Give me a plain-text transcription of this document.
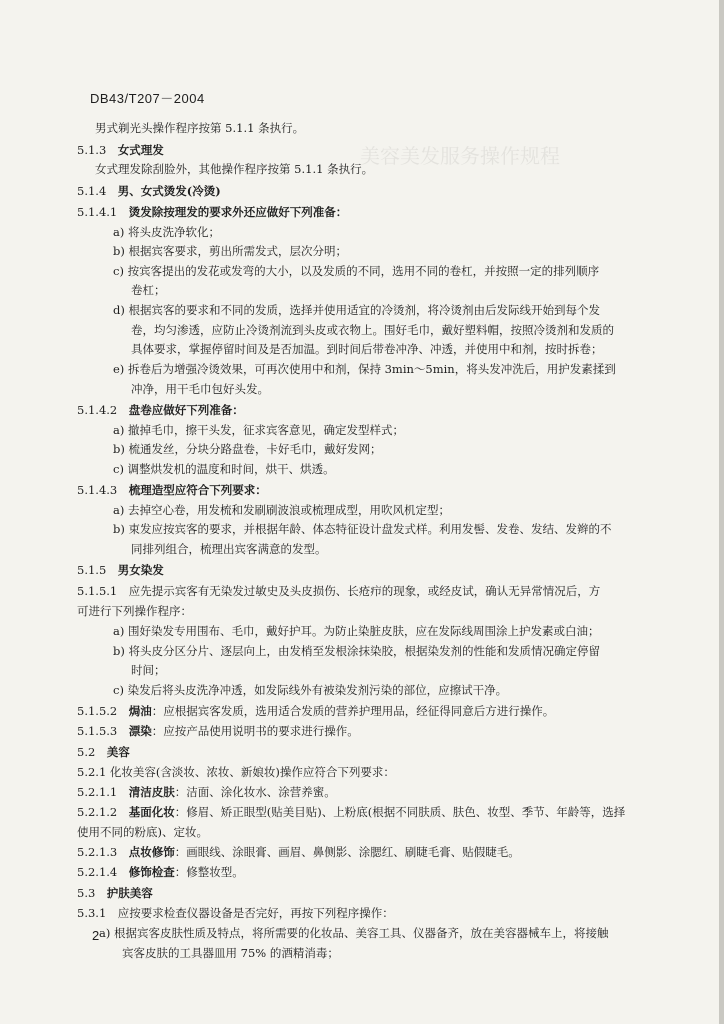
美容美发服务操作规程
DB43/T207－2004
男式剃光头操作程序按第 5.1.1 条执行。
5.1.3　女式理发
女式理发除刮脸外，其他操作程序按第 5.1.1 条执行。
5.1.4　男、女式烫发(冷烫)
5.1.4.1　烫发除按理发的要求外还应做好下列准备：
a) 将头皮洗净软化；
b) 根据宾客要求，剪出所需发式，层次分明；
c) 按宾客提出的发花或发弯的大小，以及发质的不同，选用不同的卷杠，并按照一定的排列顺序
卷杠；
d) 根据宾客的要求和不同的发质，选择并使用适宜的冷烫剂，将冷烫剂由后发际线开始到每个发
卷，均匀渗透，应防止冷烫剂流到头皮或衣物上。围好毛巾，戴好塑料帽，按照冷烫剂和发质的
具体要求，掌握停留时间及是否加温。到时间后带卷冲净、冲透，并使用中和剂，按时拆卷；
e) 拆卷后为增强冷烫效果，可再次使用中和剂，保持 3min～5min，将头发冲洗后，用护发素揉到
冲净，用干毛巾包好头发。
5.1.4.2　盘卷应做好下列准备：
a) 撤掉毛巾，擦干头发，征求宾客意见，确定发型样式；
b) 梳通发丝，分块分路盘卷，卡好毛巾，戴好发网；
c) 调整烘发机的温度和时间，烘干、烘透。
5.1.4.3　梳理造型应符合下列要求：
a) 去掉空心卷，用发梳和发刷刷波浪或梳理成型，用吹风机定型；
b) 束发应按宾客的要求，并根据年龄、体态特征设计盘发式样。利用发髻、发卷、发结、发辫的不
同排列组合，梳理出宾客满意的发型。
5.1.5　男女染发
5.1.5.1　应先提示宾客有无染发过敏史及头皮损伤、长疮疖的现象，或经皮试，确认无异常情况后，方
可进行下列操作程序：
a) 围好染发专用围布、毛巾，戴好护耳。为防止染脏皮肤，应在发际线周围涂上护发素或白油；
b) 将头皮分区分片、逐层向上，由发梢至发根涂抹染胶，根据染发剂的性能和发质情况确定停留
时间；
c) 染发后将头皮洗净冲透，如发际线外有被染发剂污染的部位，应擦试干净。
5.1.5.2　焗油：应根据宾客发质，选用适合发质的营养护理用品，经征得同意后方进行操作。
5.1.5.3　漂染：应按产品使用说明书的要求进行操作。
5.2　美容
5.2.1 化妆美容(含淡妆、浓妆、新娘妆)操作应符合下列要求：
5.2.1.1　清洁皮肤：洁面、涂化妆水、涂营养蜜。
5.2.1.2　基面化妆：修眉、矫正眼型(贴美目贴)、上粉底(根据不同肤质、肤色、妆型、季节、年龄等，选择
使用不同的粉底)、定妆。
5.2.1.3　点妆修饰：画眼线、涂眼膏、画眉、鼻侧影、涂腮红、刷睫毛膏、贴假睫毛。
5.2.1.4　修饰检查：修整妆型。
5.3　护肤美容
5.3.1　应按要求检查仪器设备是否完好，再按下列程序操作：
a) 根据宾客皮肤性质及特点，将所需要的化妆品、美容工具、仪器备齐，放在美容器械车上，将接触
宾客皮肤的工具器皿用 75% 的酒精消毒；
2
